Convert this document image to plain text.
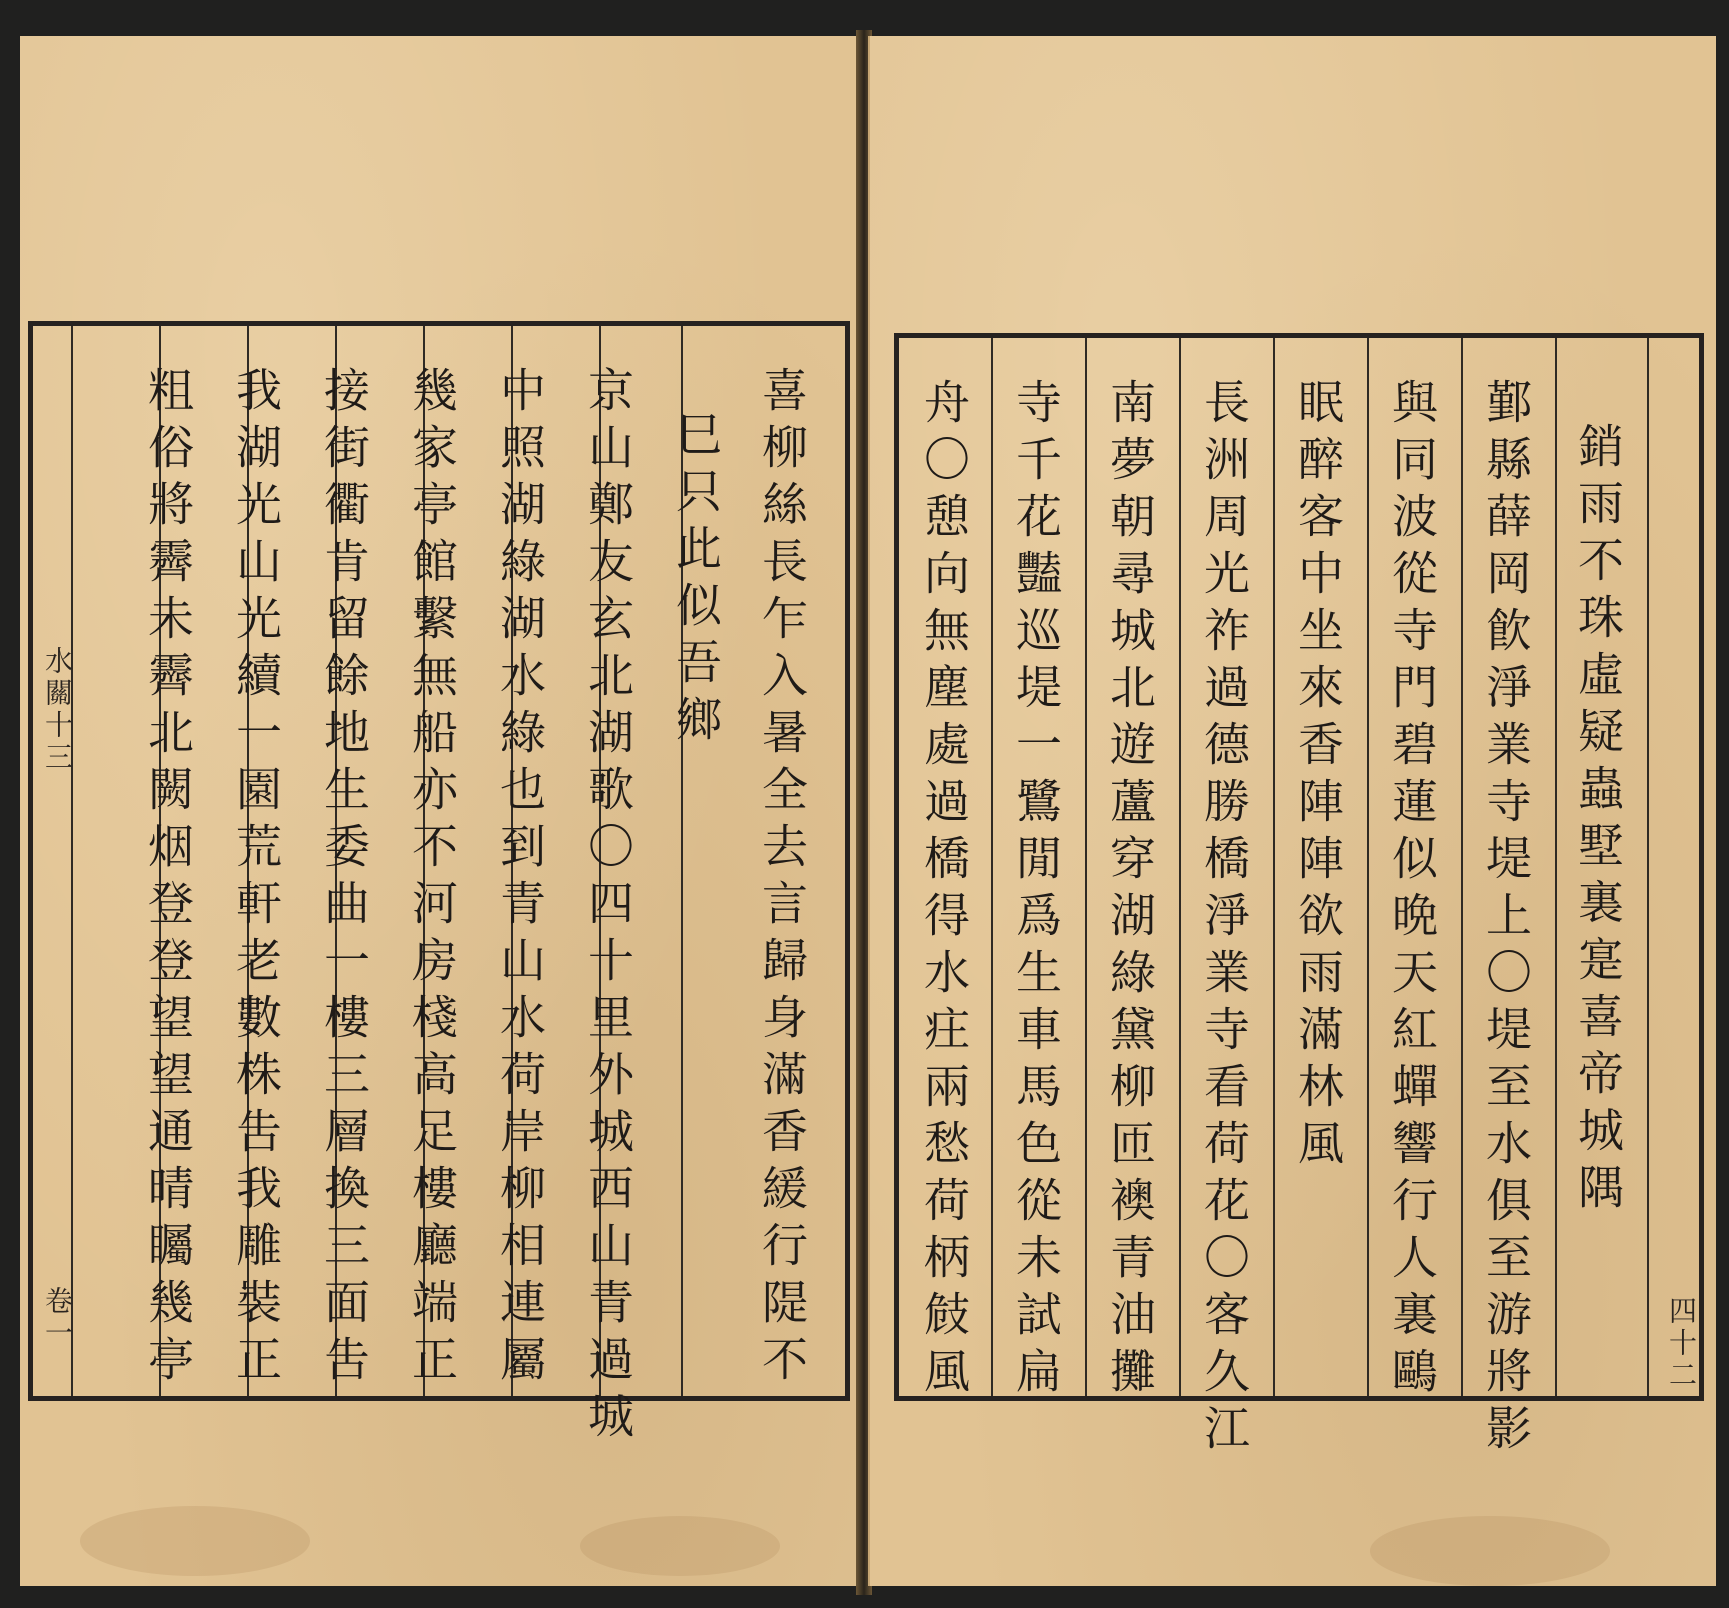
喜柳絲長乍入暑全去言歸身滿香緩行隄不
巳只此似吾鄉
京山鄭友玄北湖歌〇四十里外城西山青過城
中照湖綠湖水綠也到青山水荷岸柳相連屬
幾家亭館繫無船亦不河房棧高足樓廳端正
接街衢肯留餘地生委曲一樓三層換三面吿
我湖光山光續一園荒軒老數株吿我雕裝正
粗俗將霽未霽北闕烟登登望望通晴矚幾亭
水關十三
卷一
銷雨不珠虛疑蟲墅裏寔喜帝城隅
鄞縣薛岡飮淨業寺堤上〇堤至水俱至游將影
與同波從寺門碧蓮似晩天紅蟬響行人裏鷗
眠醉客中坐來香陣陣欲雨滿林風
長洲周光祚過德勝橋淨業寺看荷花〇客久江
南夢朝尋城北遊蘆穿湖綠黛柳匝襖青油攤
寺千花豔巡堤一鷺閒爲生車馬色從未試扁
舟〇憩向無塵處過橋得水㽵兩愁荷柄㩻風	四十二
